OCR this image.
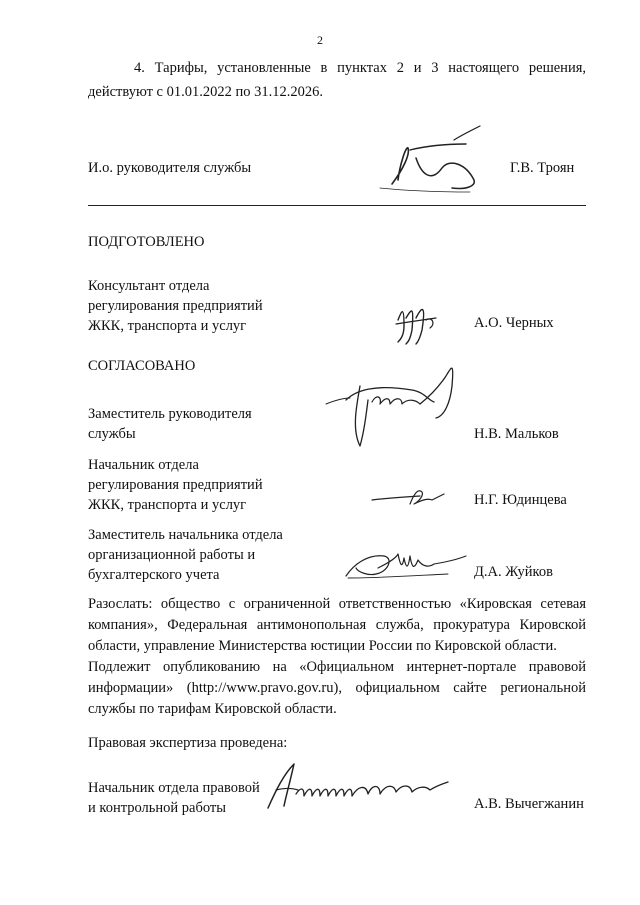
2

4. Тарифы, установленные в пунктах 2 и 3 настоящего решения, действуют с 01.01.2022 по 31.12.2026.

И.о. руководителя службы	Г.В. Троян
ПОДГОТОВЛЕНО
Консультант отдела
регулирования предприятий
ЖКК, транспорта и услуг	А.О. Черных
СОГЛАСОВАНО
Заместитель руководителя
службы	Н.В. Мальков
Начальник отдела
регулирования предприятий
ЖКК, транспорта и услуг	Н.Г. Юдинцева
Заместитель начальника отдела
организационной работы и
бухгалтерского учета	Д.А. Жуйков

Разослать: общество с ограниченной ответственностью «Кировская сетевая компания», Федеральная антимонопольная служба, прокуратура Кировской области, управление Министерства юстиции России по Кировской области.

Подлежит опубликованию на «Официальном интернет-портале правовой информации» (http://www.pravo.gov.ru), официальном сайте региональной службы по тарифам Кировской области.

Правовая экспертиза проведена:
Начальник отдела правовой
и контрольной работы	А.В. Вычегжанин
